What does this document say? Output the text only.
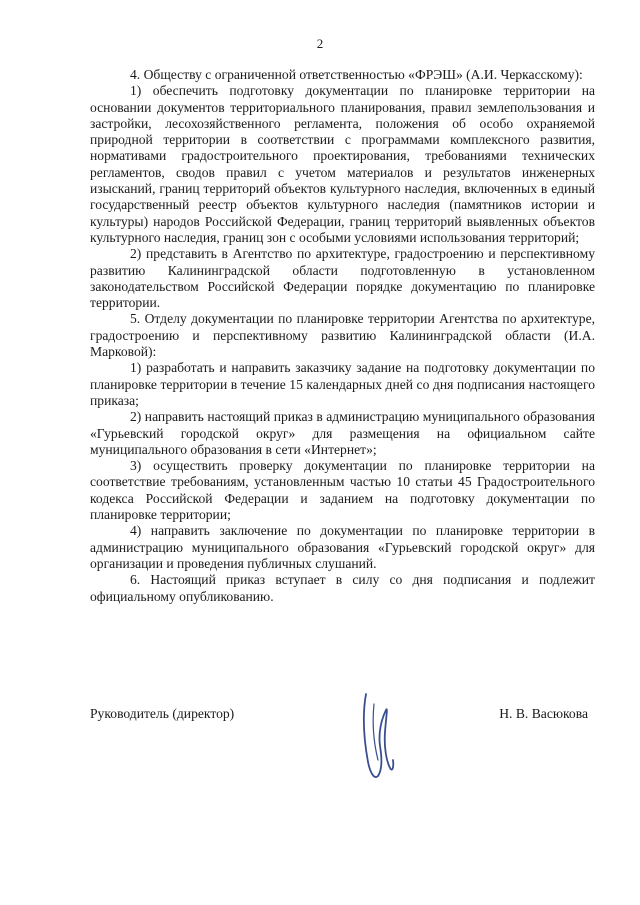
2

4. Обществу с ограниченной ответственностью «ФРЭШ» (А.И. Черкасскому):

1) обеспечить подготовку документации по планировке территории на основании документов территориального планирования, правил землепользования и застройки, лесохозяйственного регламента, положения об особо охраняемой природной территории в соответствии с программами комплексного развития, нормативами градостроительного проектирования, требованиями технических регламентов, сводов правил с учетом материалов и результатов инженерных изысканий, границ территорий объектов культурного наследия, включенных в единый государственный реестр объектов культурного наследия (памятников истории и культуры) народов Российской Федерации, границ территорий выявленных объектов культурного наследия, границ зон с особыми условиями использования территорий;

2) представить в Агентство по архитектуре, градостроению и перспективному развитию Калининградской области подготовленную в установленном законодательством Российской Федерации порядке документацию по планировке территории.

5. Отделу документации по планировке территории Агентства по архитектуре, градостроению и перспективному развитию Калининградской области (И.А. Марковой):

1) разработать и направить заказчику задание на подготовку документации по планировке территории в течение 15 календарных дней со дня подписания настоящего приказа;

2) направить настоящий приказ в администрацию муниципального образования «Гурьевский городской округ» для размещения на официальном сайте муниципального образования в сети «Интернет»;

3) осуществить проверку документации по планировке территории на соответствие требованиям, установленным частью 10 статьи 45 Градостроительного кодекса Российской Федерации и заданием на подготовку документации по планировке территории;

4) направить заключение по документации по планировке территории в администрацию муниципального образования «Гурьевский городской округ» для организации и проведения публичных слушаний.

6. Настоящий приказ вступает в силу со дня подписания и подлежит официальному опубликованию.

Руководитель (директор)	Н. В. Васюкова
